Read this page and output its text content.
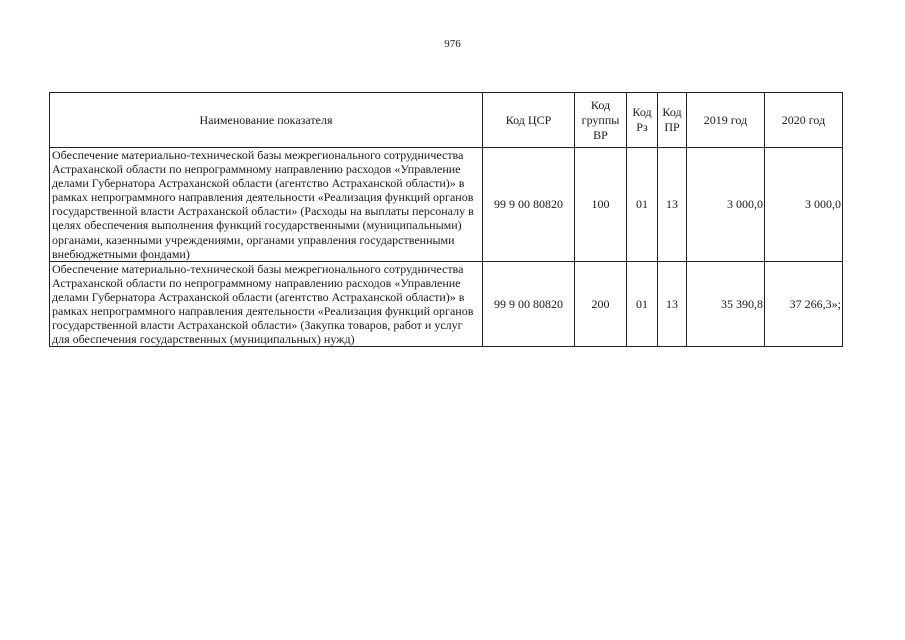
976
Наименование показателя	Код ЦСР	Код группы ВР	Код Рз	Код ПР	2019 год	2020 год
Обеспечение материально-технической базы межрегионального сотрудничества Астраханской области по непрограммному направлению расходов «Управление делами Губернатора Астраханской области (агентство Астраханской области)» в рамках непрограммного направления деятельности «Реализация функций органов государственной власти Астраханской области» (Расходы на выплаты персоналу в целях обеспечения выполнения функций государственными (муниципальными) органами, казенными учреждениями, органами управления государственными внебюджетными фондами)	99 9 00 80820	100	01	13	3 000,0	3 000,0
Обеспечение материально-технической базы межрегионального сотрудничества Астраханской области по непрограммному направлению расходов «Управление делами Губернатора Астраханской области (агентство Астраханской области)» в рамках непрограммного направления деятельности «Реализация функций органов государственной власти Астраханской области» (Закупка товаров, работ и услуг для обеспечения государственных (муниципальных) нужд)	99 9 00 80820	200	01	13	35 390,8	37 266,3»;
